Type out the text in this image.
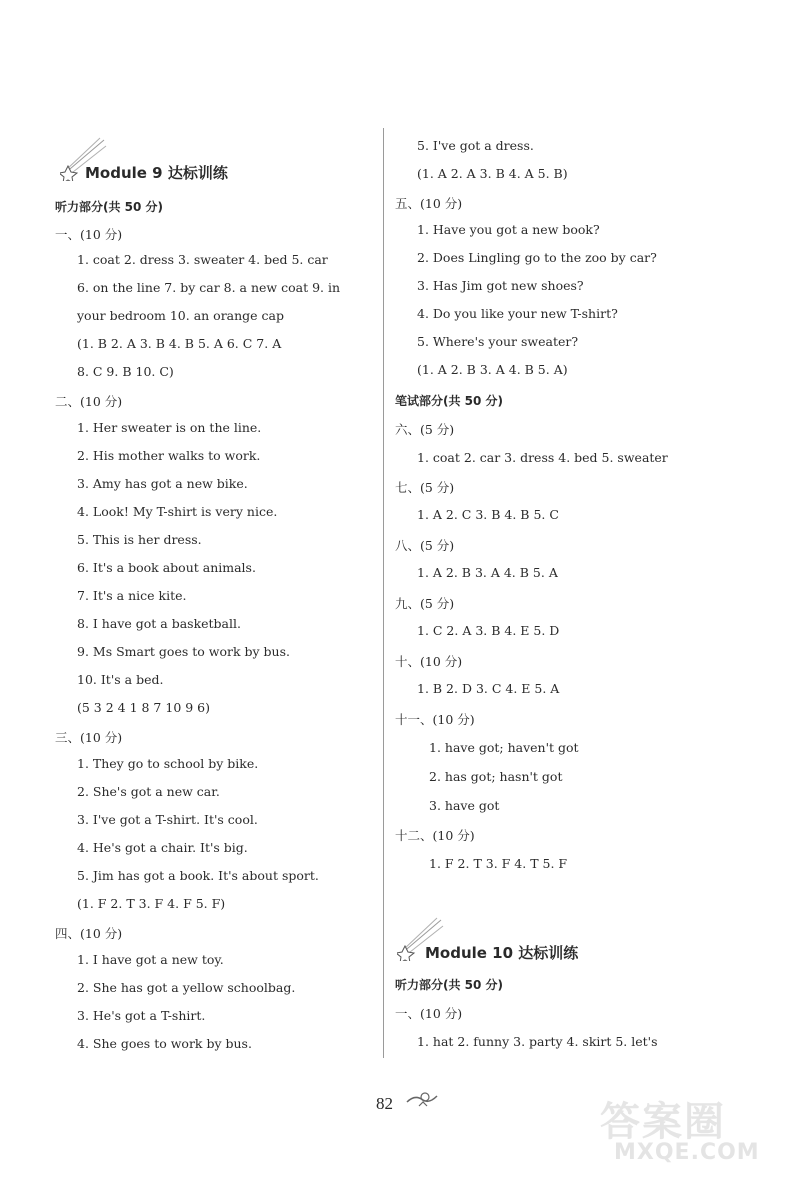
Module 9 达标训练
听力部分(共 50 分)
一、(10 分)
1. coat 2. dress 3. sweater 4. bed 5. car
6. on the line 7. by car 8. a new coat 9. in
your bedroom 10. an orange cap
(1. B 2. A 3. B 4. B 5. A 6. C 7. A
8. C 9. B 10. C)
二、(10 分)
1. Her sweater is on the line.
2. His mother walks to work.
3. Amy has got a new bike.
4. Look! My T-shirt is very nice.
5. This is her dress.
6. It's a book about animals.
7. It's a nice kite.
8. I have got a basketball.
9. Ms Smart goes to work by bus.
10. It's a bed.
(5 3 2 4 1 8 7 10 9 6)
三、(10 分)
1. They go to school by bike.
2. She's got a new car.
3. I've got a T-shirt. It's cool.
4. He's got a chair. It's big.
5. Jim has got a book. It's about sport.
(1. F 2. T 3. F 4. F 5. F)
四、(10 分)
1. I have got a new toy.
2. She has got a yellow schoolbag.
3. He's got a T-shirt.
4. She goes to work by bus.
5. I've got a dress.
(1. A 2. A 3. B 4. A 5. B)
五、(10 分)
1. Have you got a new book?
2. Does Lingling go to the zoo by car?
3. Has Jim got new shoes?
4. Do you like your new T-shirt?
5. Where's your sweater?
(1. A 2. B 3. A 4. B 5. A)
笔试部分(共 50 分)
六、(5 分)
1. coat 2. car 3. dress 4. bed 5. sweater
七、(5 分)
1. A 2. C 3. B 4. B 5. C
八、(5 分)
1. A 2. B 3. A 4. B 5. A
九、(5 分)
1. C 2. A 3. B 4. E 5. D
十、(10 分)
1. B 2. D 3. C 4. E 5. A
十一、(10 分)
1. have got; haven't got
2. has got; hasn't got
3. have got
十二、(10 分)
1. F 2. T 3. F 4. T 5. F
Module 10 达标训练
听力部分(共 50 分)
一、(10 分)
1. hat 2. funny 3. party 4. skirt 5. let's
82	答案圈
MXQE.COM
